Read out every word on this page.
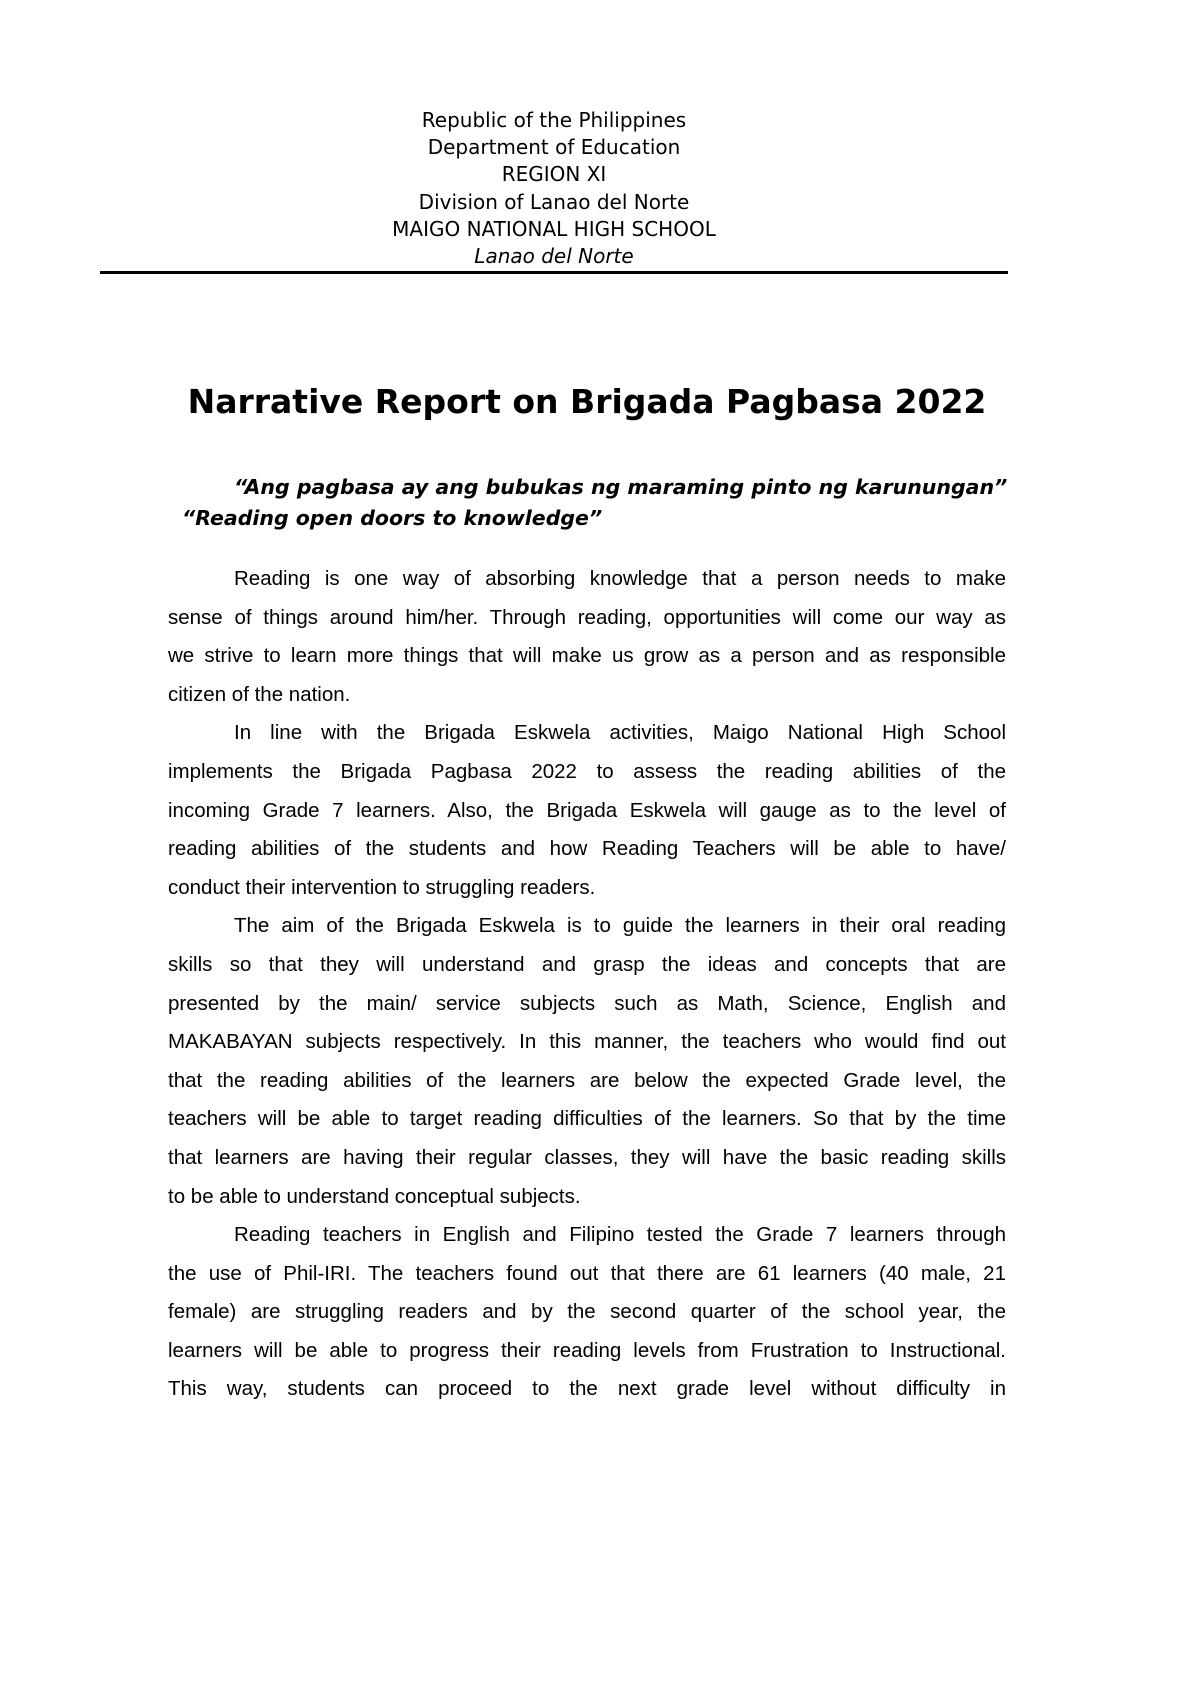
Republic of the Philippines
Department of Education
REGION XI
Division of Lanao del Norte
MAIGO NATIONAL HIGH SCHOOL
Lanao del Norte
Narrative Report on Brigada Pagbasa 2022
“Ang pagbasa ay ang bubukas ng maraming pinto ng karunungan”
“Reading open doors to knowledge”
Reading is one way of absorbing knowledge that a person needs to make
sense of things around him/her. Through reading, opportunities will come our way as
we strive to learn more things that will make us grow as a person and as responsible
citizen of the nation.
In line with the Brigada Eskwela activities, Maigo National High School
implements the Brigada Pagbasa 2022 to assess the reading abilities of the
incoming Grade 7 learners. Also, the Brigada Eskwela will gauge as to the level of
reading abilities of the students and how Reading Teachers will be able to have/
conduct their intervention to struggling readers.
The aim of the Brigada Eskwela is to guide the learners in their oral reading
skills so that they will understand and grasp the ideas and concepts that are
presented by the main/ service subjects such as Math, Science, English and
MAKABAYAN subjects respectively. In this manner, the teachers who would find out
that the reading abilities of the learners are below the expected Grade level, the
teachers will be able to target reading difficulties of the learners. So that by the time
that learners are having their regular classes, they will have the basic reading skills
to be able to understand conceptual subjects.
Reading teachers in English and Filipino tested the Grade 7 learners through
the use of Phil-IRI. The teachers found out that there are 61 learners (40 male, 21
female) are struggling readers and by the second quarter of the school year, the
learners will be able to progress their reading levels from Frustration to Instructional.
This way, students can proceed to the next grade level without difficulty in
